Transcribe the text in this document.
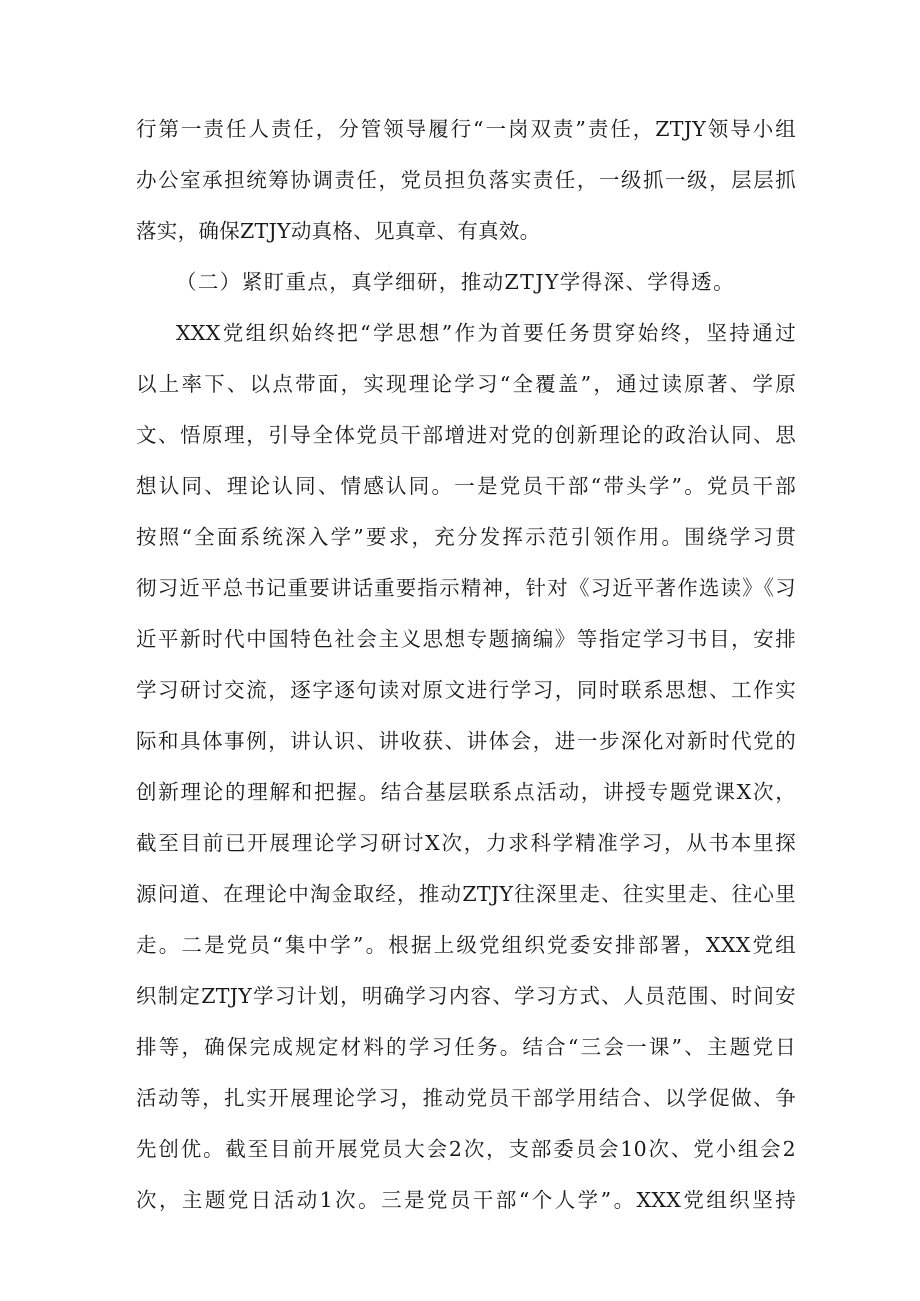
行第一责任人责任，分管领导履行“一岗双责”责任，ZTJY领导小组
办公室承担统筹协调责任，党员担负落实责任，一级抓一级，层层抓
落实，确保ZTJY动真格、见真章、有真效。
（二）紧盯重点，真学细研，推动ZTJY学得深、学得透。
XXX党组织始终把“学思想”作为首要任务贯穿始终，坚持通过
以上率下、以点带面，实现理论学习“全覆盖”，通过读原著、学原
文、悟原理，引导全体党员干部增进对党的创新理论的政治认同、思
想认同、理论认同、情感认同。一是党员干部“带头学”。党员干部
按照“全面系统深入学”要求，充分发挥示范引领作用。围绕学习贯
彻习近平总书记重要讲话重要指示精神，针对《习近平著作选读》《习
近平新时代中国特色社会主义思想专题摘编》等指定学习书目，安排
学习研讨交流，逐字逐句读对原文进行学习，同时联系思想、工作实
际和具体事例，讲认识、讲收获、讲体会，进一步深化对新时代党的
创新理论的理解和把握。结合基层联系点活动，讲授专题党课X次，
截至目前已开展理论学习研讨X次，力求科学精准学习，从书本里探
源问道、在理论中淘金取经，推动ZTJY往深里走、往实里走、往心里
走。二是党员“集中学”。根据上级党组织党委安排部署，XXX党组
织制定ZTJY学习计划，明确学习内容、学习方式、人员范围、时间安
排等，确保完成规定材料的学习任务。结合“三会一课”、主题党日
活动等，扎实开展理论学习，推动党员干部学用结合、以学促做、争
先创优。截至目前开展党员大会2次，支部委员会10次、党小组会2
次，主题党日活动1次。三是党员干部“个人学”。XXX党组织坚持
